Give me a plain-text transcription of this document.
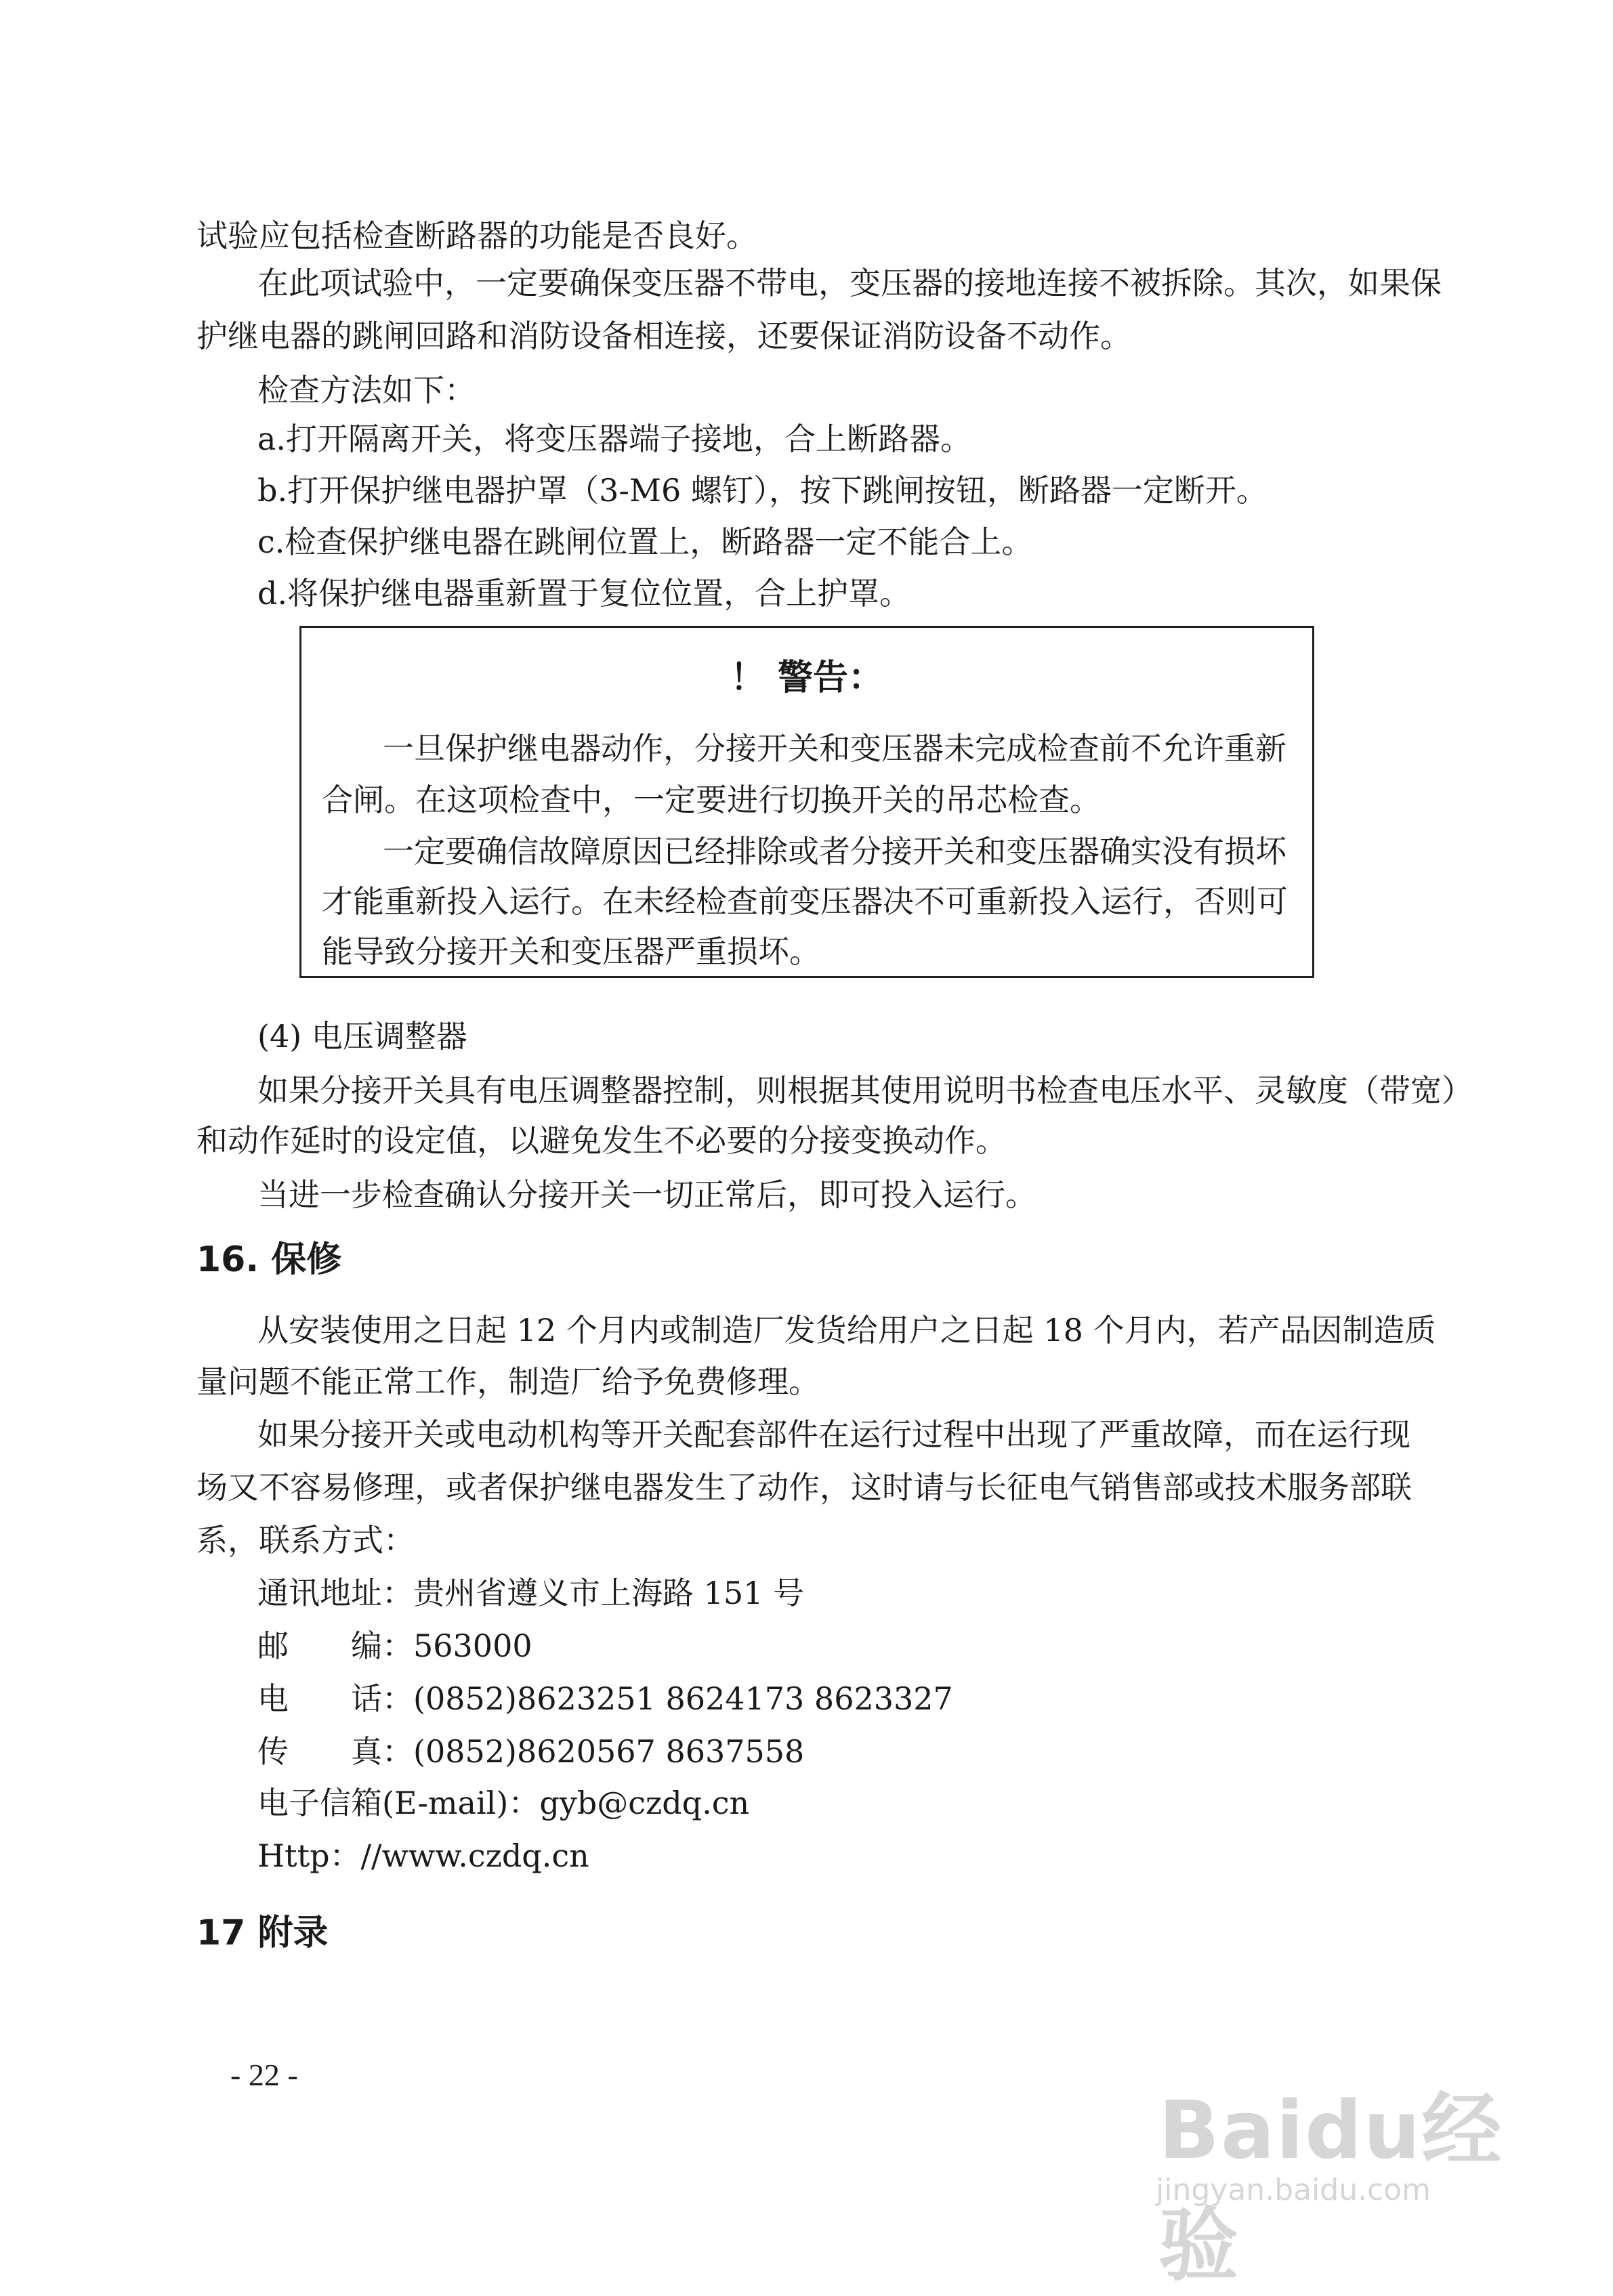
试验应包括检查断路器的功能是否良好。

在此项试验中，一定要确保变压器不带电，变压器的接地连接不被拆除。其次，如果保

护继电器的跳闸回路和消防设备相连接，还要保证消防设备不动作。

检查方法如下：

a.打开隔离开关，将变压器端子接地，合上断路器。

b.打开保护继电器护罩（3-M6 螺钉），按下跳闸按钮，断路器一定断开。

c.检查保护继电器在跳闸位置上，断路器一定不能合上。

d.将保护继电器重新置于复位位置，合上护罩。

！ 警告：

一旦保护继电器动作，分接开关和变压器未完成检查前不允许重新

合闸。在这项检查中，一定要进行切换开关的吊芯检查。

一定要确信故障原因已经排除或者分接开关和变压器确实没有损坏

才能重新投入运行。在未经检查前变压器决不可重新投入运行，否则可

能导致分接开关和变压器严重损坏。

(4) 电压调整器

如果分接开关具有电压调整器控制，则根据其使用说明书检查电压水平、灵敏度（带宽）

和动作延时的设定值，以避免发生不必要的分接变换动作。

当进一步检查确认分接开关一切正常后，即可投入运行。

16. 保修

从安装使用之日起 12 个月内或制造厂发货给用户之日起 18 个月内，若产品因制造质

量问题不能正常工作，制造厂给予免费修理。

如果分接开关或电动机构等开关配套部件在运行过程中出现了严重故障，而在运行现

场又不容易修理，或者保护继电器发生了动作，这时请与长征电气销售部或技术服务部联

系，联系方式：

通讯地址：贵州省遵义市上海路 151 号

邮　　编：563000

电　　话：(0852)8623251 8624173 8623327

传　　真：(0852)8620567 8637558

电子信箱(E-mail)：gyb@czdq.cn

Http：//www.czdq.cn

17 附录
- 22 -
Baidu经验
jingyan.baidu.com
